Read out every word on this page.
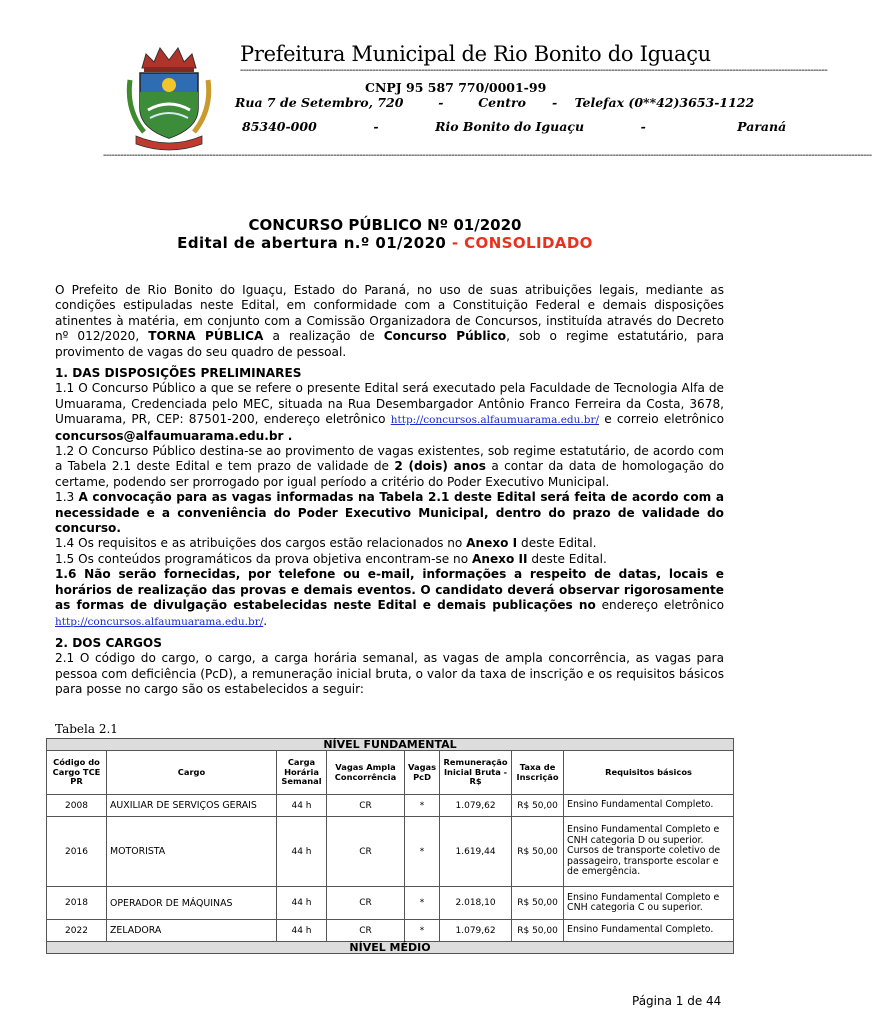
Prefeitura Municipal de Rio Bonito do Iguaçu
------------------------------------------------------------------------------------------------------------------------------------------------------------------------------------------------------------
CNPJ 95 587 770/0001-99
Rua 7 de Setembro, 720        -        Centro      -    Telefax (0**42)3653-1122
85340-000             -             Rio Bonito do Iguaçu             -                     Paraná
---------------------------------------------------------------------------------------------------------------------------------------------------------------------------------------------------------------------------------------------------------------------------
CONCURSO PÚBLICO Nº 01/2020
Edital de abertura n.º 01/2020 - CONSOLIDADO
O Prefeito de Rio Bonito do Iguaçu, Estado do Paraná, no uso de suas atribuições legais, mediante as condições estipuladas neste Edital, em conformidade com a Constituição Federal e demais disposições atinentes à matéria, em conjunto com a Comissão Organizadora de Concursos, instituída através do Decreto nº 012/2020, TORNA PÚBLICA a realização de Concurso Público, sob o regime estatutário, para provimento de vagas do seu quadro de pessoal.
1. DAS DISPOSIÇÕES PRELIMINARES

1.1 O Concurso Público a que se refere o presente Edital será executado pela Faculdade de Tecnologia Alfa de Umuarama, Credenciada pelo MEC, situada na Rua Desembargador Antônio Franco Ferreira da Costa, 3678, Umuarama, PR, CEP: 87501-200, endereço eletrônico http://concursos.alfaumuarama.edu.br/ e correio eletrônico concursos@alfaumuarama.edu.br .

1.2 O Concurso Público destina-se ao provimento de vagas existentes, sob regime estatutário, de acordo com a Tabela 2.1 deste Edital e tem prazo de validade de 2 (dois) anos a contar da data de homologação do certame, podendo ser prorrogado por igual período a critério do Poder Executivo Municipal.

1.3 A convocação para as vagas informadas na Tabela 2.1 deste Edital será feita de acordo com a necessidade e a conveniência do Poder Executivo Municipal, dentro do prazo de validade do concurso.

1.4 Os requisitos e as atribuições dos cargos estão relacionados no Anexo I deste Edital.

1.5 Os conteúdos programáticos da prova objetiva encontram-se no Anexo II deste Edital.

1.6 Não serão fornecidas, por telefone ou e-mail, informações a respeito de datas, locais e horários de realização das provas e demais eventos. O candidato deverá observar rigorosamente as formas de divulgação estabelecidas neste Edital e demais publicações no endereço eletrônico http://concursos.alfaumuarama.edu.br/.

2. DOS CARGOS

2.1 O código do cargo, o cargo, a carga horária semanal, as vagas de ampla concorrência, as vagas para pessoa com deficiência (PcD), a remuneração inicial bruta, o valor da taxa de inscrição e os requisitos básicos para posse no cargo são os estabelecidos a seguir:

Tabela 2.1
NÍVEL FUNDAMENTAL							
Código do Cargo TCE PR	Cargo	Carga Horária Semanal	Vagas Ampla Concorrência	Vagas PcD	Remuneração Inicial Bruta - R$	Taxa de Inscrição	Requisitos básicos
2008	AUXILIAR DE SERVIÇOS GERAIS	44 h	CR	*	1.079,62	R$ 50,00	Ensino Fundamental Completo.
2016	MOTORISTA	44 h	CR	*	1.619,44	R$ 50,00	Ensino Fundamental Completo e CNH categoria D ou superior. Cursos de transporte coletivo de passageiro, transporte escolar e de emergência.
2018	OPERADOR DE MÁQUINAS	44 h	CR	*	2.018,10	R$ 50,00	Ensino Fundamental Completo e CNH categoria C ou superior.
2022	ZELADORA	44 h	CR	*	1.079,62	R$ 50,00	Ensino Fundamental Completo.
NÍVEL MÉDIO							
Página 1 de 44
